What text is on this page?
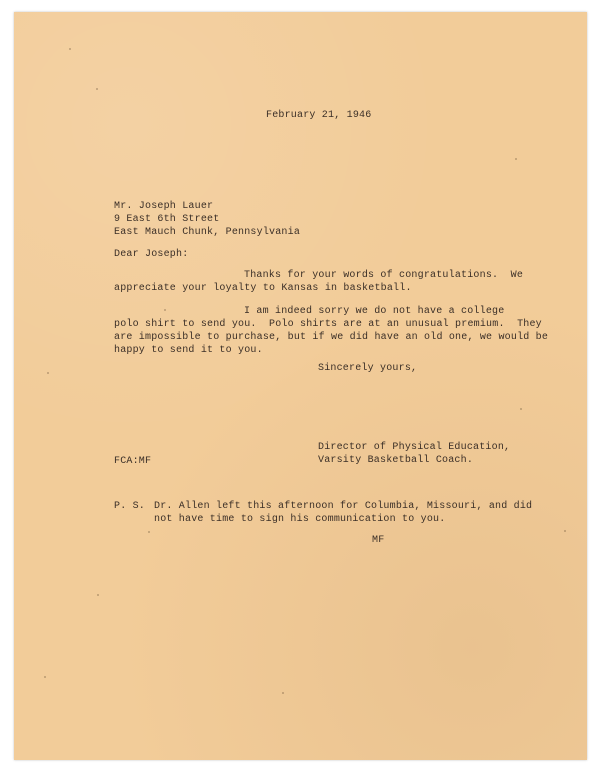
February 21, 1946
Mr. Joseph Lauer
9 East 6th Street
East Mauch Chunk, Pennsylvania
Dear Joseph:
Thanks for your words of congratulations.  We
appreciate your loyalty to Kansas in basketball.
I am indeed sorry we do not have a college
polo shirt to send you.  Polo shirts are at an unusual premium.  They
are impossible to purchase, but if we did have an old one, we would be
happy to send it to you.
Sincerely yours,
Director of Physical Education,
Varsity Basketball Coach.
FCA:MF
P. S. Dr. Allen left this afternoon for Columbia, Missouri, and did
not have time to sign his communication to you.
MF
